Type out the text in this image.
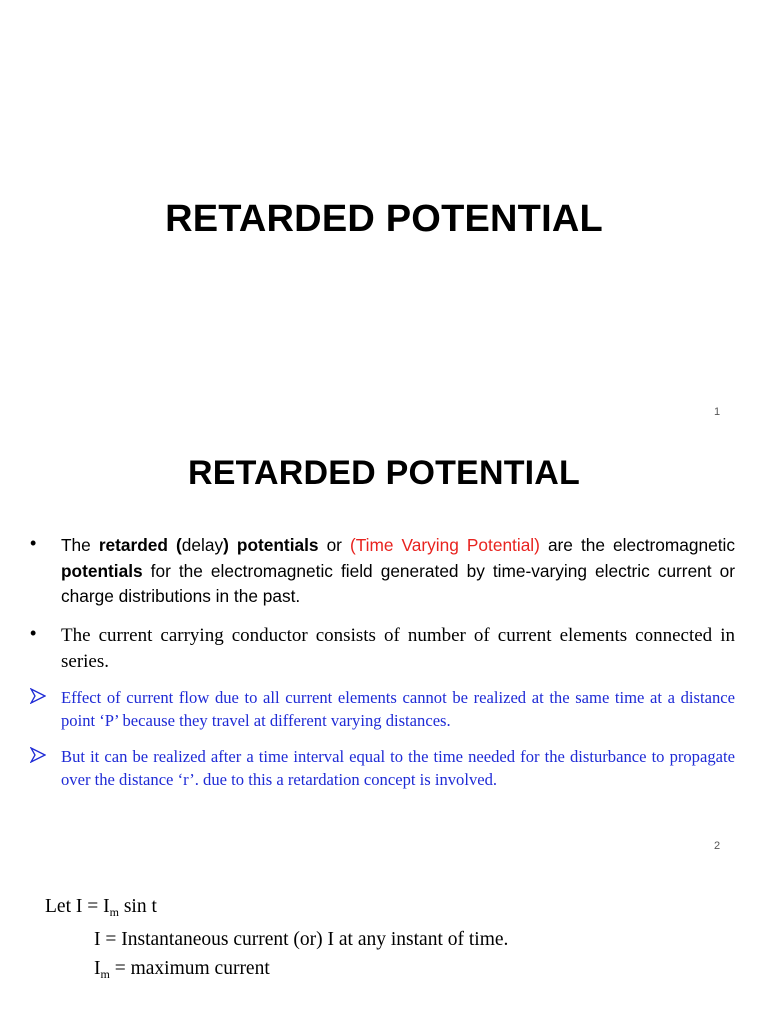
RETARDED POTENTIAL
1
RETARDED POTENTIAL
• The retarded (delay) potentials or (Time Varying Potential) are the electromagnetic potentials for the electromagnetic field generated by time-varying electric current or charge distributions in the past.
• The current carrying conductor consists of number of current elements connected in series.
Effect of current flow due to all current elements cannot be realized at the same time at a distance point ‘P’ because they travel at different varying distances.
But it can be realized after a time interval equal to the time needed for the disturbance to propagate over the distance ‘r’. due to this a retardation concept is involved.
2
Let $I = I_m$ sin t
I = Instantaneous current (or) I at any instant of time.
$I_m$ = maximum current
